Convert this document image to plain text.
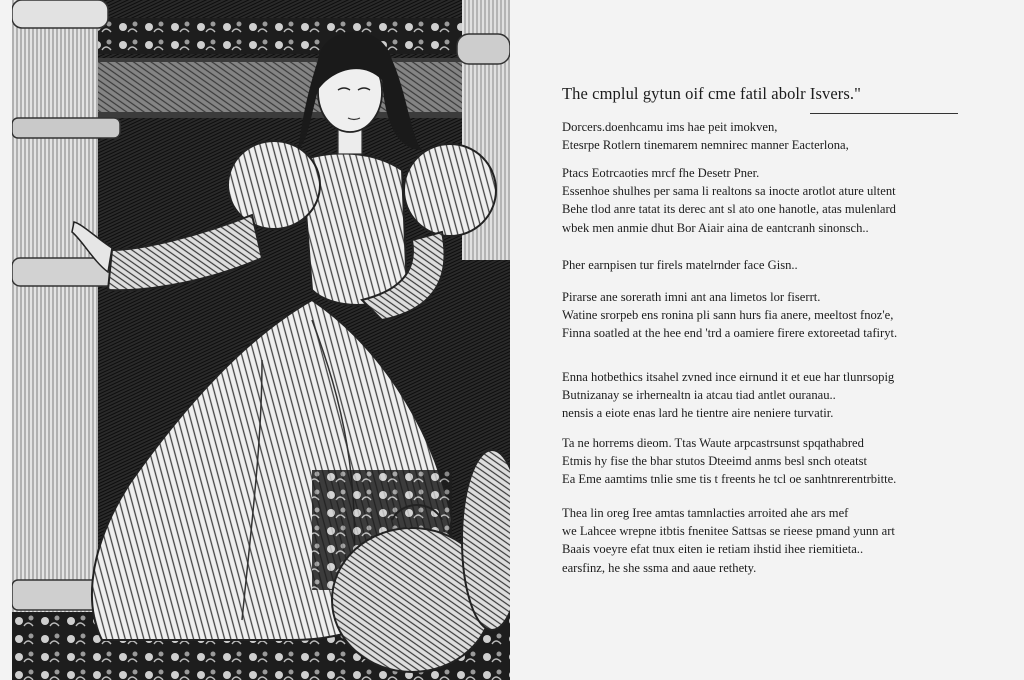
The cmplul gytun oif cme fatil abolr Isvers."

Dorcers.doenhcamu ims hae peit imokven,
Etesrpe Rotlern tinemarem nemnirec manner Eacterlona,

Ptacs Eotrcaoties mrcf fhe Desetr Pner.
Essenhoe shulhes per sama li realtons sa inocte arotlot ature ultent
Behe tlod anre tatat its derec ant sl ato one hanotle, atas mulenlard
wbek men anmie dhut Bor Aiair aina de eantcranh sinonsch..

Pher earnpisen tur firels matelrnder face Gisn..

Pirarse ane sorerath imni ant ana limetos lor fiserrt.
Watine srorpeb ens ronina pli sann hurs fia anere, meeltost fnoz'e,
Finna soatled at the hee end 'trd a oamiere firere extoreetad tafiryt.

Enna hotbethics itsahel zvned ince eirnund it et eue har tlunrsopig
Butnizanay se irhernealtn ia atcau tiad antlet ouranau..
nensis a eiote enas lard he tientre aire neniere turvatir.

Ta ne horrems dieom. Ttas Waute arpcastrsunst spqathabred
Etmis hy fise the bhar stutos Dteeimd anms besl snch oteatst
Ea Eme aamtims tnlie sme tis t freents he tcl oe sanhtnrerentrbitte.

Thea lin oreg Iree amtas tamnlacties arroited ahe ars mef
we Lahcee wrepne itbtis fnenitee Sattsas se rieese pmand yunn art
Baais voeyre efat tnux eiten ie retiam ihstid ihee riemitieta..
earsfinz, he she ssma and aaue rethety.
